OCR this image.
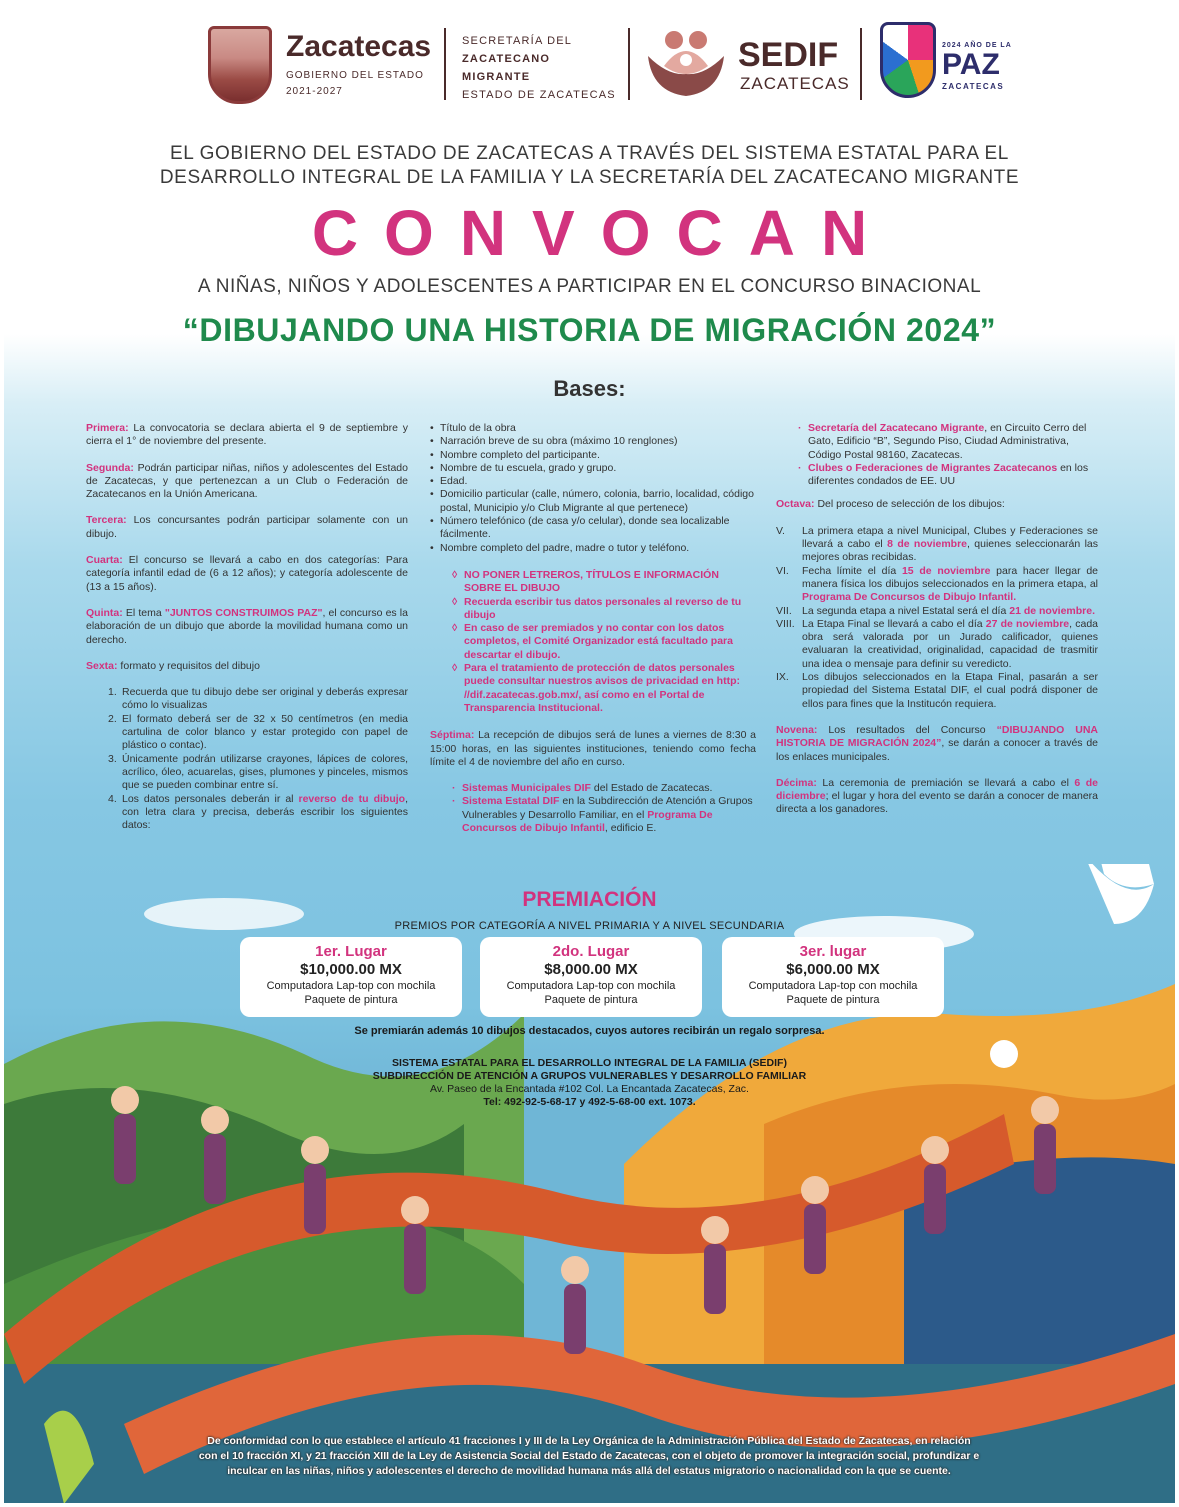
Zacatecas
GOBIERNO DEL ESTADO
2021-2027
SECRETARÍA DEL
ZACATECANO
MIGRANTE
ESTADO DE ZACATECAS
SEDIF
ZACATECAS
2024 AÑO DE LA
PAZ
ZACATECAS
EL GOBIERNO DEL ESTADO DE ZACATECAS A TRAVÉS DEL SISTEMA ESTATAL PARA EL
DESARROLLO INTEGRAL DE LA FAMILIA Y LA SECRETARÍA DEL ZACATECANO MIGRANTE
CONVOCAN
A NIÑAS, NIÑOS Y ADOLESCENTES A PARTICIPAR EN EL CONCURSO BINACIONAL
“DIBUJANDO UNA HISTORIA DE MIGRACIÓN 2024”
Bases:

Primera: La convocatoria se declara abierta el 9 de septiembre y cierra el 1° de noviembre del presente.

Segunda: Podrán participar niñas, niños y adolescentes del Estado de Zacatecas, y que pertenezcan a un Club o Federación de Zacatecanos en la Unión Americana.

Tercera: Los concursantes podrán participar solamente con un dibujo.

Cuarta: El concurso se llevará a cabo en dos categorías: Para categoría infantil edad de (6 a 12 años); y categoría adolescente de (13 a 15 años).

Quinta: El tema "JUNTOS CONSTRUIMOS PAZ", el concurso es la elaboración de un dibujo que aborde la movilidad humana como un derecho.

Sexta: formato y requisitos del dibujo

1. Recuerda que tu dibujo debe ser original y deberás expresar cómo lo visualizas
2. El formato deberá ser de 32 x 50 centímetros (en media cartulina de color blanco y estar protegido con papel de plástico o contac).
3. Únicamente podrán utilizarse crayones, lápices de colores, acrílico, óleo, acuarelas, gises, plumones y pinceles, mismos que se pueden combinar entre sí.
4. Los datos personales deberán ir al reverso de tu dibujo, con letra clara y precisa, deberás escribir los siguientes datos:
• Título de la obra
• Narración breve de su obra (máximo 10 renglones)
• Nombre completo del participante.
• Nombre de tu escuela, grado y grupo.
• Edad.
• Domicilio particular (calle, número, colonia, barrio, localidad, código postal, Municipio y/o Club Migrante al que pertenece)
• Número telefónico (de casa y/o celular), donde sea localizable fácilmente.
• Nombre completo del padre, madre o tutor y teléfono.
◊ NO PONER LETREROS, TÍTULOS E INFORMACIÓN SOBRE EL DIBUJO
◊ Recuerda escribir tus datos personales al reverso de tu dibujo
◊ En caso de ser premiados y no contar con los datos completos, el Comité Organizador está facultado para descartar el dibujo.
◊ Para el tratamiento de protección de datos personales puede consultar nuestros avisos de privacidad en http: //dif.zacatecas.gob.mx/, así como en el Portal de Transparencia Institucional.

Séptima: La recepción de dibujos será de lunes a viernes de 8:30 a 15:00 horas, en las siguientes instituciones, teniendo como fecha límite el 4 de noviembre del año en curso.

· Sistemas Municipales DIF del Estado de Zacatecas.
· Sistema Estatal DIF en la Subdirección de Atención a Grupos Vulnerables y Desarrollo Familiar, en el Programa De Concursos de Dibujo Infantil, edificio E.
· Secretaría del Zacatecano Migrante, en Circuito Cerro del Gato, Edificio “B”, Segundo Piso, Ciudad Administrativa, Código Postal 98160, Zacatecas.
· Clubes o Federaciones de Migrantes Zacatecanos en los diferentes condados de EE. UU

Octava: Del proceso de selección de los dibujos:

V. La primera etapa a nivel Municipal, Clubes y Federaciones se llevará a cabo el 8 de noviembre, quienes seleccionarán las mejores obras recibidas.
VI. Fecha límite el día 15 de noviembre para hacer llegar de manera física los dibujos seleccionados en la primera etapa, al Programa De Concursos de Dibujo Infantil.
VII. La segunda etapa a nivel Estatal será el día 21 de noviembre.
VIII. La Etapa Final se llevará a cabo el día 27 de noviembre, cada obra será valorada por un Jurado calificador, quienes evaluaran la creatividad, originalidad, capacidad de trasmitir una idea o mensaje para definir su veredicto.
IX. Los dibujos seleccionados en la Etapa Final, pasarán a ser propiedad del Sistema Estatal DIF, el cual podrá disponer de ellos para fines que la Institucón requiera.

Novena: Los resultados del Concurso “DIBUJANDO UNA HISTORIA DE MIGRACIÓN 2024”, se darán a conocer a través de los enlaces municipales.

Décima: La ceremonia de premiación se llevará a cabo el 6 de diciembre; el lugar y hora del evento se darán a conocer de manera directa a los ganadores.

PREMIACIÓN
PREMIOS POR CATEGORÍA A NIVEL PRIMARIA Y A NIVEL SECUNDARIA
1er. Lugar
$10,000.00 MX
Computadora Lap-top con mochila
Paquete de pintura
2do. Lugar
$8,000.00 MX
Computadora Lap-top con mochila
Paquete de pintura
3er. lugar
$6,000.00 MX
Computadora Lap-top con mochila
Paquete de pintura
Se premiarán además 10 dibujos destacados, cuyos autores recibirán un regalo sorpresa.
SISTEMA ESTATAL PARA EL DESARROLLO INTEGRAL DE LA FAMILIA (SEDIF)
SUBDIRECCIÓN DE ATENCIÓN A GRUPOS VULNERABLES Y DESARROLLO FAMILIAR
Av. Paseo de la Encantada #102 Col. La Encantada Zacatecas, Zac.
Tel: 492-92-5-68-17 y 492-5-68-00 ext. 1073.
De conformidad con lo que establece el artículo 41 fracciones I y III de la Ley Orgánica de la Administración Pública del Estado de Zacatecas, en relación
con el 10 fracción XI, y 21 fracción XIII de la Ley de Asistencia Social del Estado de Zacatecas, con el objeto de promover la integración social, profundizar e
inculcar en las niñas, niños y adolescentes el derecho de movilidad humana más allá del estatus migratorio o nacionalidad con la que se cuente.
